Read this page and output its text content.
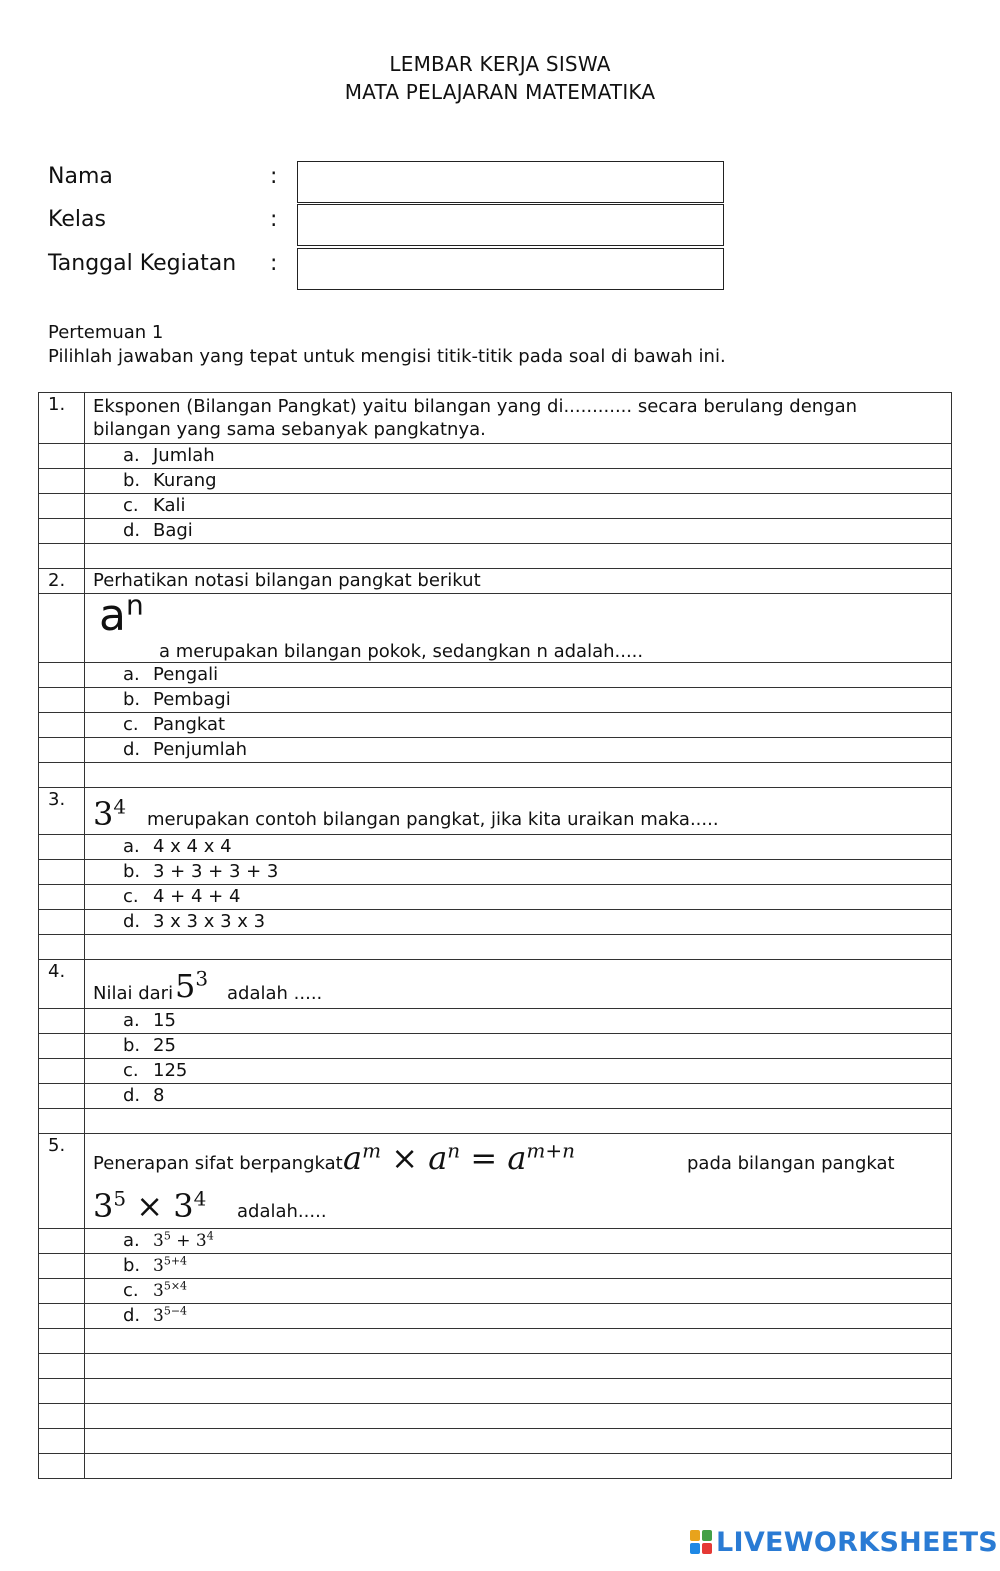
LEMBAR KERJA SISWA
MATA PELAJARAN MATEMATIKA
Nama	:
Kelas	:
Tanggal Kegiatan :
Pertemuan 1
Pilihlah jawaban yang tepat untuk mengisi titik-titik pada soal di bawah ini.
1.	Eksponen (Bilangan Pangkat) yaitu bilangan yang di............ secara berulang dengan bilangan yang sama sebanyak pangkatnya.
	a. Jumlah
	b. Kurang
	c. Kali
	d. Bagi

2.	Perhatikan notasi bilangan pangkat berikut

	$a^n$
a merupakan bilangan pokok, sedangkan n adalah.....

	a. Pengali
	b. Pembagi
	c. Pangkat
	d. Penjumlah

3.	$3^4$
merupakan contoh bilangan pangkat, jika kita uraikan maka.....

	a. 4 x 4 x 4
	b. 3 + 3 + 3 + 3
	c. 4 + 4 + 4
	d. 3 x 3 x 3 x 3

4.	Nilai dari $5^3$
adalah .....

	a. 15
	b. 25
	c. 125
	d. 8

5.	Penerapan sifat berpangkat $a^m \times a^n = a^{m+n}$
pada bilangan pangkat
$3^5 \times 3^4$
adalah.....

	a. $3^5 + 3^4$
	b. $3^{5+4}$
	c. $3^{5\times 4}$
	d. $3^{5-4}$

LIVEWORKSHEETS
